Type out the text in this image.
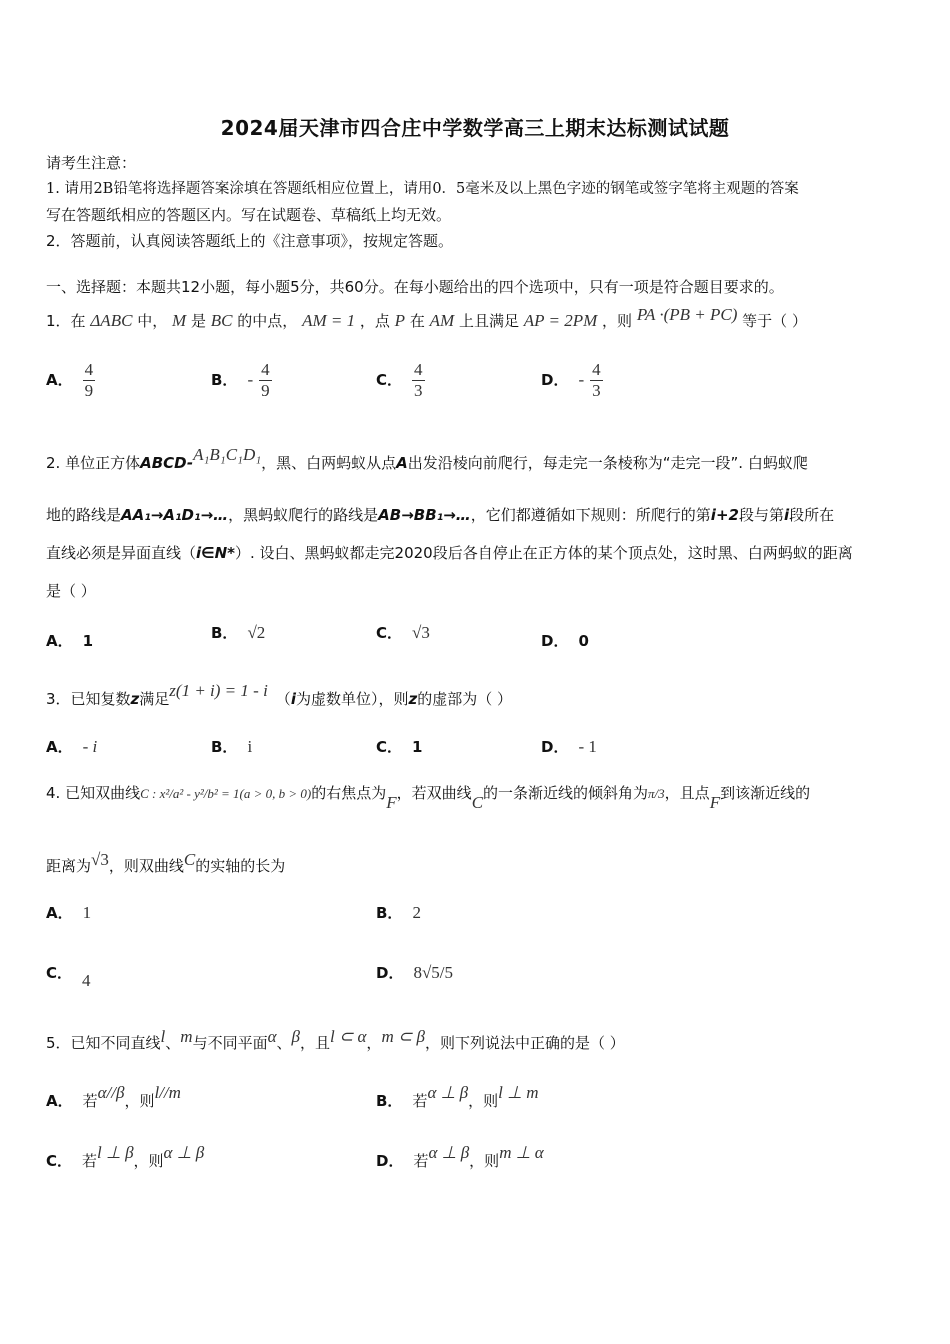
2024届天津市四合庄中学数学高三上期末达标测试试题
请考生注意：
1. 请用2B铅笔将选择题答案涂填在答题纸相应位置上，请用0．5毫米及以上黑色字迹的钢笔或签字笔将主观题的答案
写在答题纸相应的答题区内。写在试题卷、草稿纸上均无效。
2．答题前，认真阅读答题纸上的《注意事项》，按规定答题。
一、选择题：本题共12小题，每小题5分，共60分。在每小题给出的四个选项中，只有一项是符合题目要求的。
1．在 ΔABC 中， M 是 BC 的中点， AM = 1 ，点 P 在 AM 上且满足 AP = 2PM ，则 PA ·(PB + PC) 等于（ ）
A． $\frac{4}{9}$	B． - $\frac{4}{9}$	C． $\frac{4}{3}$	D． - $\frac{4}{3}$
2. 单位正方体ABCD-A₁B₁C₁D₁，黑、白两蚂蚁从点A出发沿棱向前爬行，每走完一条棱称为“走完一段”. 白蚂蚁爬
地的路线是AA₁→A₁D₁→…，黑蚂蚁爬行的路线是AB→BB₁→…，它们都遵循如下规则：所爬行的第i+2段与第i段所在
直线必须是异面直线（i∈N*）. 设白、黑蚂蚁都走完2020段后各自停止在正方体的某个顶点处，这时黑、白两蚂蚁的距离
是（ ）
A． 1	B． √2	C． √3	D． 0
3．已知复数z满足z(1 + i) = 1 - i （i为虚数单位），则z的虚部为（ ）
A． - i	B． i	C． 1	D． - 1
4. 已知双曲线C : x²/a² - y²/b² = 1(a > 0, b > 0)的右焦点为F，若双曲线C的一条渐近线的倾斜角为π/3，且点F到该渐近线的
距离为√3，则双曲线C的实轴的长为
A． 1	B． 2
C． 4	D． 8√5/5
5．已知不同直线l、m与不同平面α、β，且l ⊂ α，m ⊂ β，则下列说法中正确的是（ ）
A． 若α//β，则l//m	B． 若α ⊥ β，则l ⊥ m
C． 若l ⊥ β，则α ⊥ β	D． 若α ⊥ β，则m ⊥ α
